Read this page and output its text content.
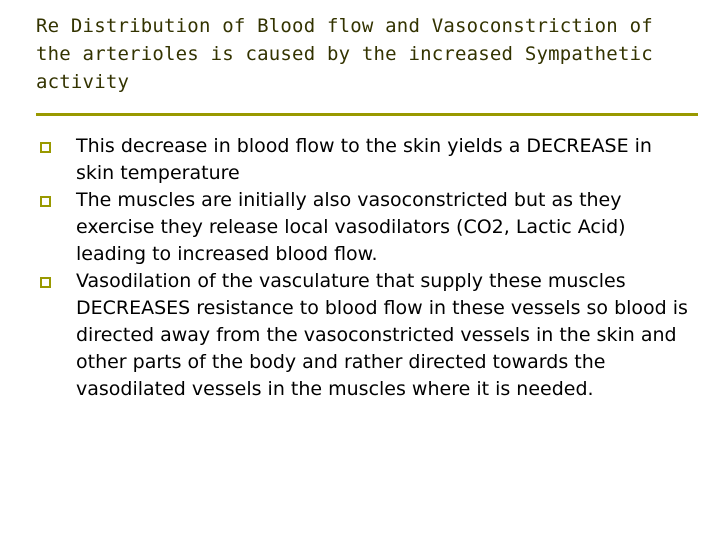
Re Distribution of Blood flow and Vasoconstriction of the arterioles is caused by the increased Sympathetic activity
This decrease in blood flow to the skin yields a DECREASE in skin temperature
The muscles are initially also vasoconstricted but as they exercise they release local vasodilators (CO2, Lactic Acid) leading to increased blood flow.
Vasodilation of the vasculature that supply these muscles DECREASES resistance to blood flow in these vessels so blood is directed away from the vasoconstricted vessels in the skin and other parts of the body and rather directed towards the vasodilated vessels in the muscles where it is needed.
